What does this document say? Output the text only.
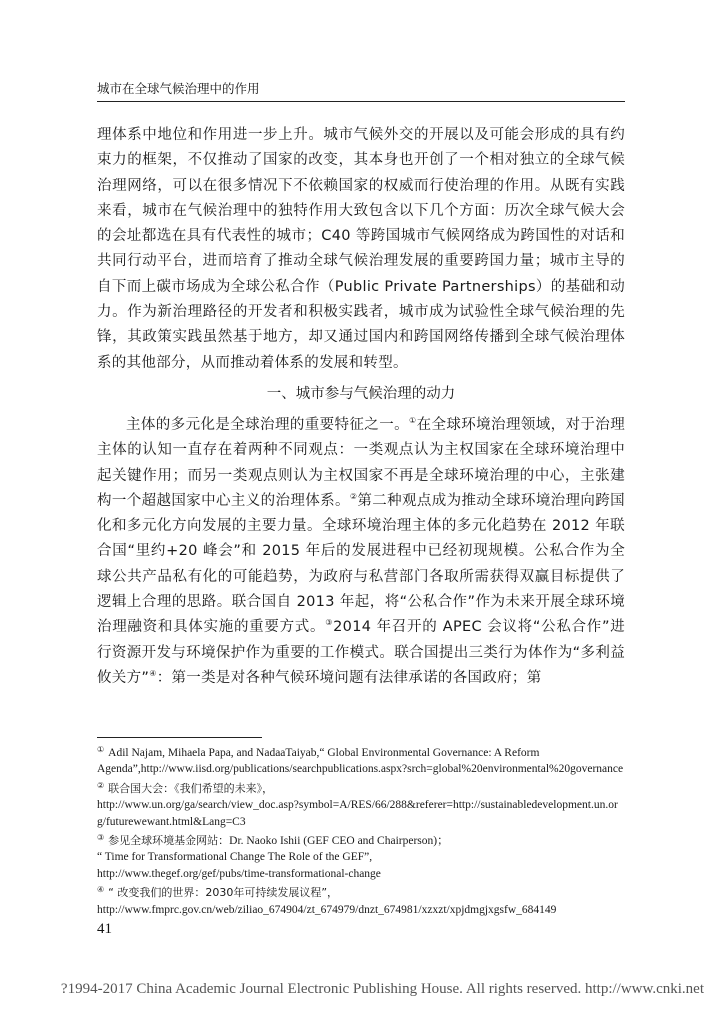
城市在全球气候治理中的作用

理体系中地位和作用进一步上升。城市气候外交的开展以及可能会形成的具有约束力的框架，不仅推动了国家的改变，其本身也开创了一个相对独立的全球气候治理网络，可以在很多情况下不依赖国家的权威而行使治理的作用。从既有实践来看，城市在气候治理中的独特作用大致包含以下几个方面：历次全球气候大会的会址都选在具有代表性的城市；C40 等跨国城市气候网络成为跨国性的对话和共同行动平台，进而培育了推动全球气候治理发展的重要跨国力量；城市主导的自下而上碳市场成为全球公私合作（Public Private Partnerships）的基础和动力。作为新治理路径的开发者和积极实践者，城市成为试验性全球气候治理的先锋，其政策实践虽然基于地方，却又通过国内和跨国网络传播到全球气候治理体系的其他部分，从而推动着体系的发展和转型。

一、城市参与气候治理的动力

主体的多元化是全球治理的重要特征之一。①在全球环境治理领域，对于治理主体的认知一直存在着两种不同观点：一类观点认为主权国家在全球环境治理中起关键作用；而另一类观点则认为主权国家不再是全球环境治理的中心，主张建构一个超越国家中心主义的治理体系。②第二种观点成为推动全球环境治理向跨国化和多元化方向发展的主要力量。全球环境治理主体的多元化趋势在 2012 年联合国“里约+20 峰会”和 2015 年后的发展进程中已经初现规模。公私合作为全球公共产品私有化的可能趋势，为政府与私营部门各取所需获得双赢目标提供了逻辑上合理的思路。联合国自 2013 年起，将“公私合作”作为未来开展全球环境治理融资和具体实施的重要方式。③2014 年召开的 APEC 会议将“公私合作”进行资源开发与环境保护作为重要的工作模式。联合国提出三类行为体作为“多利益攸关方”④：第一类是对各种气候环境问题有法律承诺的各国政府；第

① Adil Najam, Mihaela Papa, and NadaaTaiyab,“ Global Environmental Governance: A Reform

Agenda”,http://www.iisd.org/publications/searchpublications.aspx?srch=global%20environmental%20governance

② 联合国大会：《我们希望的未来》，

http://www.un.org/ga/search/view_doc.asp?symbol=A/RES/66/288&referer=http://sustainabledevelopment.un.org/futurewewant.html&Lang=C3

③ 参见全球环境基金网站：Dr. Naoko Ishii (GEF CEO and Chairperson)；

“ Time for Transformational Change The Role of the GEF”,

http://www.thegef.org/gef/pubs/time-transformational-change

④ “ 改变我们的世界：2030年可持续发展议程”，

http://www.fmprc.gov.cn/web/ziliao_674904/zt_674979/dnzt_674981/xzxzt/xpjdmgjxgsfw_684149

41
?1994-2017 China Academic Journal Electronic Publishing House. All rights reserved. http://www.cnki.net
